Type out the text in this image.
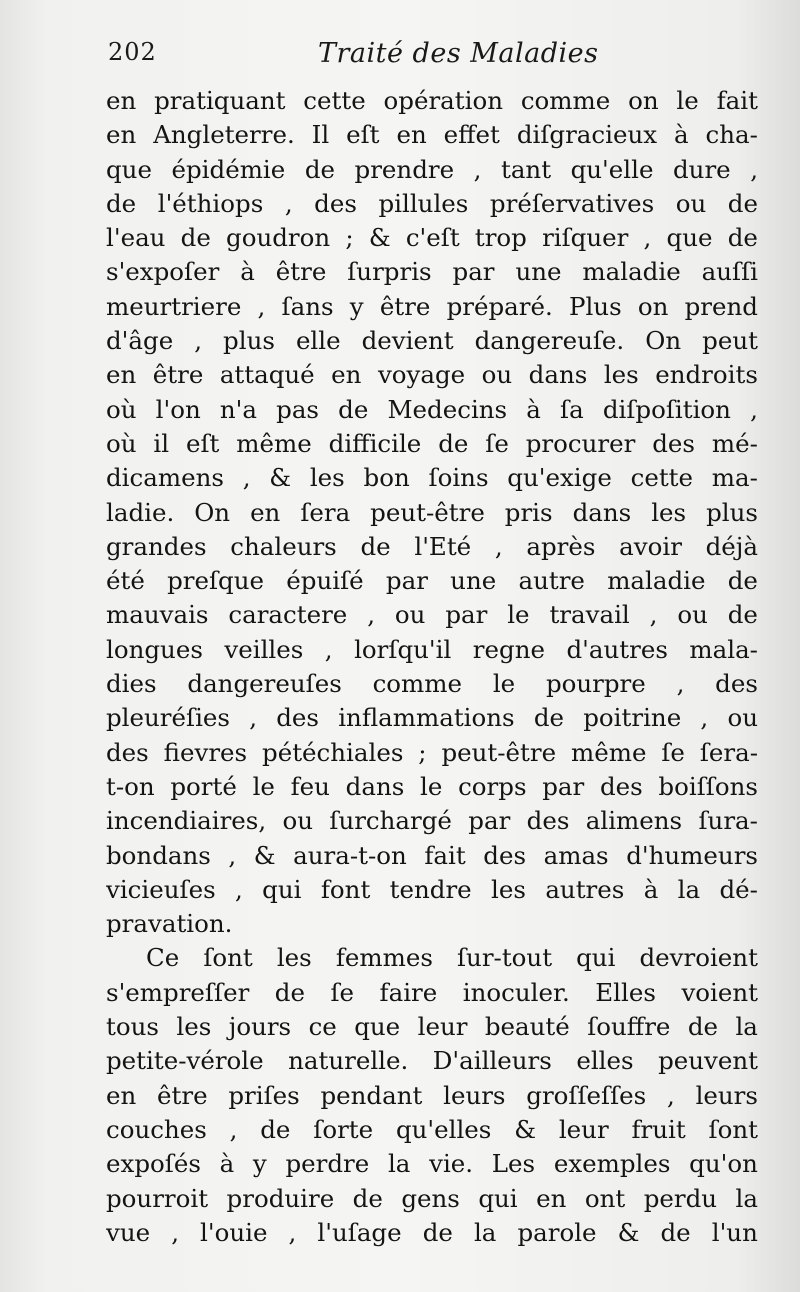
202	Traité des Maladies
en pratiquant cette opération comme on le fait
en Angleterre. Il eſt en effet diſgracieux à cha-
que épidémie de prendre , tant qu'elle dure ,
de l'éthiops , des pillules préſervatives ou de
l'eau de goudron ; & c'eſt trop riſquer , que de
s'expoſer à être ſurpris par une maladie auſſi
meurtriere , ſans y être préparé. Plus on prend
d'âge , plus elle devient dangereuſe. On peut
en être attaqué en voyage ou dans les endroits
où l'on n'a pas de Medecins à ſa diſpoſition ,
où il eſt même difficile de ſe procurer des mé-
dicamens , & les bon ſoins qu'exige cette ma-
ladie. On en ſera peut-être pris dans les plus
grandes chaleurs de l'Eté , après avoir déjà
été preſque épuiſé par une autre maladie de
mauvais caractere , ou par le travail , ou de
longues veilles , lorſqu'il regne d'autres mala-
dies dangereuſes comme le pourpre , des
pleuréſies , des inflammations de poitrine , ou
des fievres pétéchiales ; peut-être même ſe ſera-
t-on porté le feu dans le corps par des boiſſons
incendiaires, ou ſurchargé par des alimens ſura-
bondans , & aura-t-on fait des amas d'humeurs
vicieuſes , qui font tendre les autres à la dé-
pravation.
Ce ſont les femmes ſur-tout qui devroient
s'empreſſer de ſe faire inoculer. Elles voient
tous les jours ce que leur beauté ſouffre de la
petite-vérole naturelle. D'ailleurs elles peuvent
en être priſes pendant leurs groſſeſſes , leurs
couches , de ſorte qu'elles & leur fruit ſont
expoſés à y perdre la vie. Les exemples qu'on
pourroit produire de gens qui en ont perdu la
vue , l'ouie , l'uſage de la parole & de l'un
